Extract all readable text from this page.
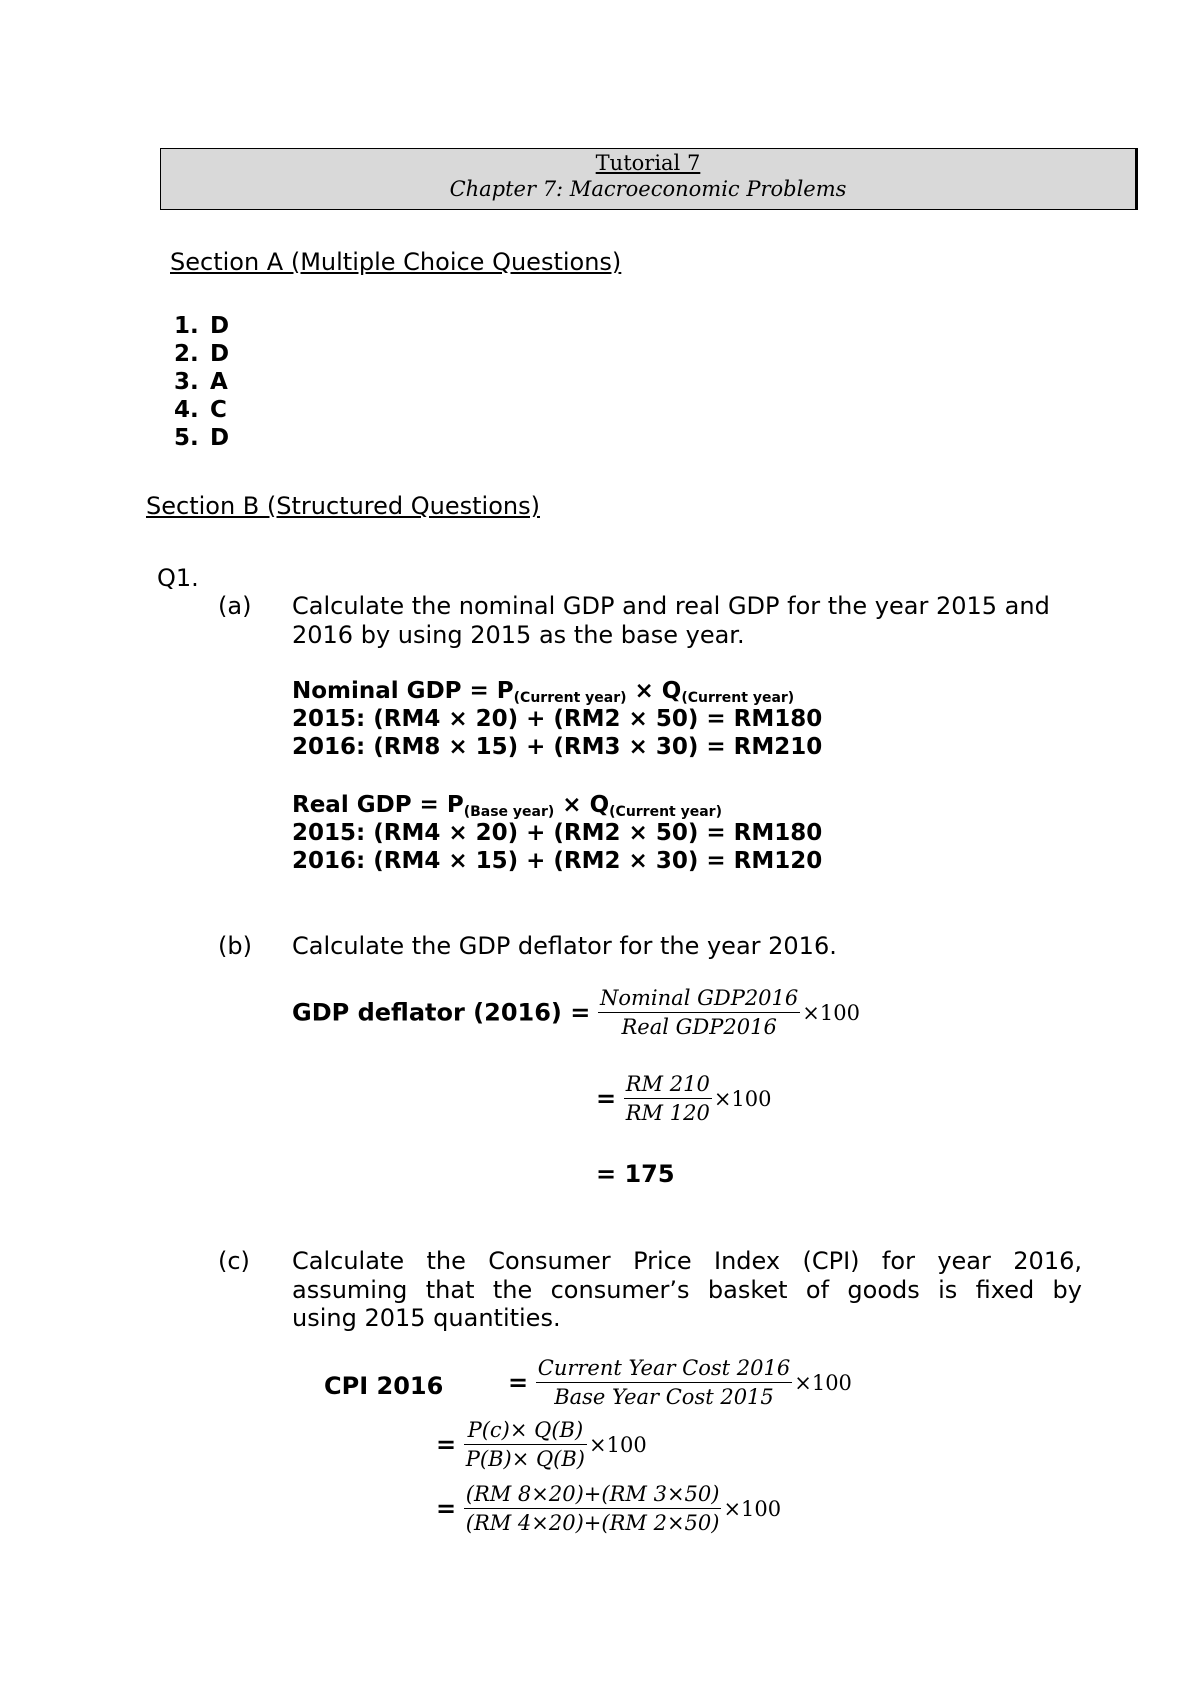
Tutorial 7
Chapter 7: Macroeconomic Problems
Section A (Multiple Choice Questions)
1. D
2. D
3. A
4. C
5. D
Section B (Structured Questions)
Q1.
(a) Calculate the nominal GDP and real GDP for the year 2015 and
2016 by using 2015 as the base year.
Nominal GDP = $P_{(Current year)} \times Q_{(Current year)}$
2015: (RM4 × 20) + (RM2 × 50) = RM180
2016: (RM8 × 15) + (RM3 × 30) = RM210
Real GDP = $P_{(Base year)} \times Q_{(Current year)}$
2015: (RM4 × 20) + (RM2 × 50) = RM180
2016: (RM4 × 15) + (RM2 × 30) = RM120
(b) Calculate the GDP deflator for the year 2016.
GDP deflator $(2016) = \frac{\text{Nominal GDP2016}}{\text{Real GDP2016}} \times 100$
= $\frac{RM 210}{RM 120} \times 100$
= 175
(c) Calculate the Consumer Price Index (CPI) for year 2016,
assuming that the consumer’s basket of goods is fixed by
using 2015 quantities.
CPI 2016	= $\frac{\text{Current Year Cost 2016}}{\text{Base Year Cost 2015}} \times 100$
= $\frac{P(c)\times Q(B)}{P(B)\times Q(B)} \times 100$
= $\frac{(RM 8\times 20)+(RM 3\times 50)}{(RM 4\times 20)+(RM 2\times 50)} \times 100$
